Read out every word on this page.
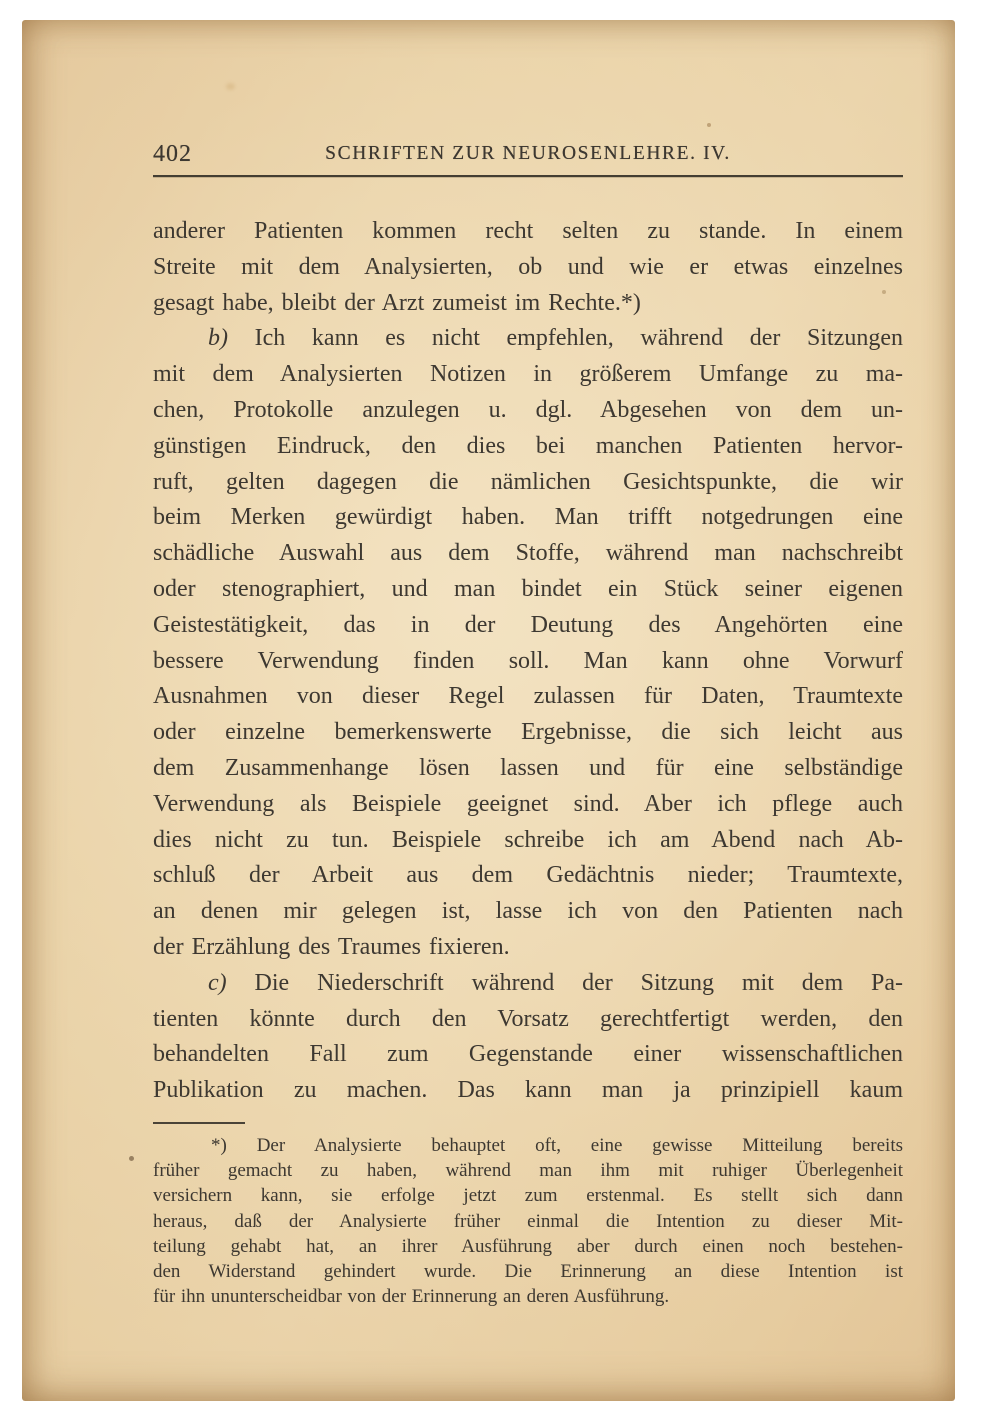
402	SCHRIFTEN ZUR NEUROSENLEHRE. IV.
anderer Patienten kommen recht selten zu stande. In einem
Streite mit dem Analysierten, ob und wie er etwas einzelnes
gesagt habe, bleibt der Arzt zumeist im Rechte.*)
b) Ich kann es nicht empfehlen, während der Sitzungen
mit dem Analysierten Notizen in größerem Umfange zu ma-
chen, Protokolle anzulegen u. dgl. Abgesehen von dem un-
günstigen Eindruck, den dies bei manchen Patienten hervor-
ruft, gelten dagegen die nämlichen Gesichtspunkte, die wir
beim Merken gewürdigt haben. Man trifft notgedrungen eine
schädliche Auswahl aus dem Stoffe, während man nachschreibt
oder stenographiert, und man bindet ein Stück seiner eigenen
Geistestätigkeit, das in der Deutung des Angehörten eine
bessere Verwendung finden soll. Man kann ohne Vorwurf
Ausnahmen von dieser Regel zulassen für Daten, Traumtexte
oder einzelne bemerkenswerte Ergebnisse, die sich leicht aus
dem Zusammenhange lösen lassen und für eine selbständige
Verwendung als Beispiele geeignet sind. Aber ich pflege auch
dies nicht zu tun. Beispiele schreibe ich am Abend nach Ab-
schluß der Arbeit aus dem Gedächtnis nieder; Traumtexte,
an denen mir gelegen ist, lasse ich von den Patienten nach
der Erzählung des Traumes fixieren.
c) Die Niederschrift während der Sitzung mit dem Pa-
tienten könnte durch den Vorsatz gerechtfertigt werden, den
behandelten Fall zum Gegenstande einer wissenschaftlichen
Publikation zu machen. Das kann man ja prinzipiell kaum
*) Der Analysierte behauptet oft, eine gewisse Mitteilung bereits
früher gemacht zu haben, während man ihm mit ruhiger Überlegenheit
versichern kann, sie erfolge jetzt zum erstenmal. Es stellt sich dann
heraus, daß der Analysierte früher einmal die Intention zu dieser Mit-
teilung gehabt hat, an ihrer Ausführung aber durch einen noch bestehen-
den Widerstand gehindert wurde. Die Erinnerung an diese Intention ist
für ihn ununterscheidbar von der Erinnerung an deren Ausführung.
